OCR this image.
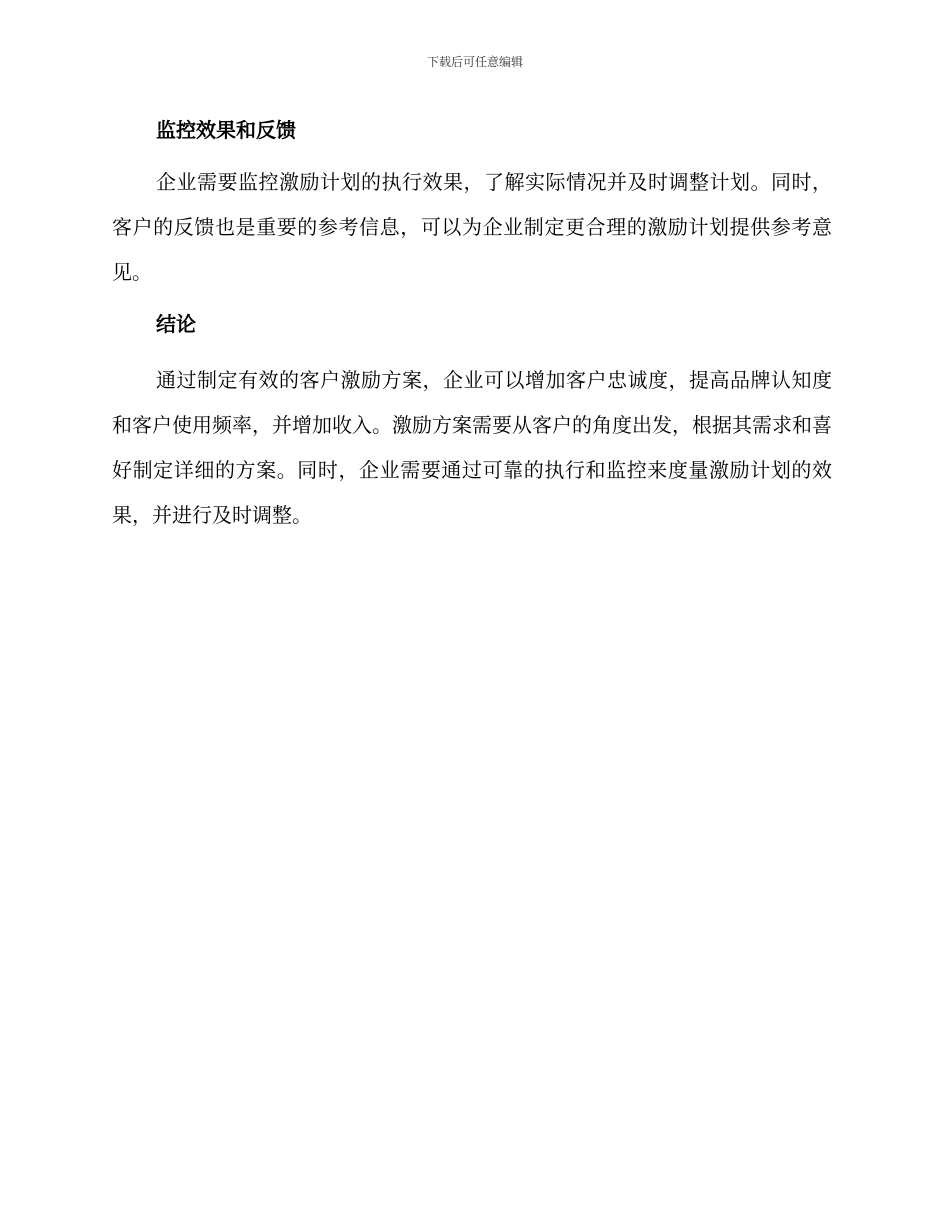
下载后可任意编辑
监控效果和反馈

企业需要监控激励计划的执行效果，了解实际情况并及时调整计划。同时，客户的反馈也是重要的参考信息，可以为企业制定更合理的激励计划提供参考意见。

结论

通过制定有效的客户激励方案，企业可以增加客户忠诚度，提高品牌认知度和客户使用频率，并增加收入。激励方案需要从客户的角度出发，根据其需求和喜好制定详细的方案。同时，企业需要通过可靠的执行和监控来度量激励计划的效果，并进行及时调整。
